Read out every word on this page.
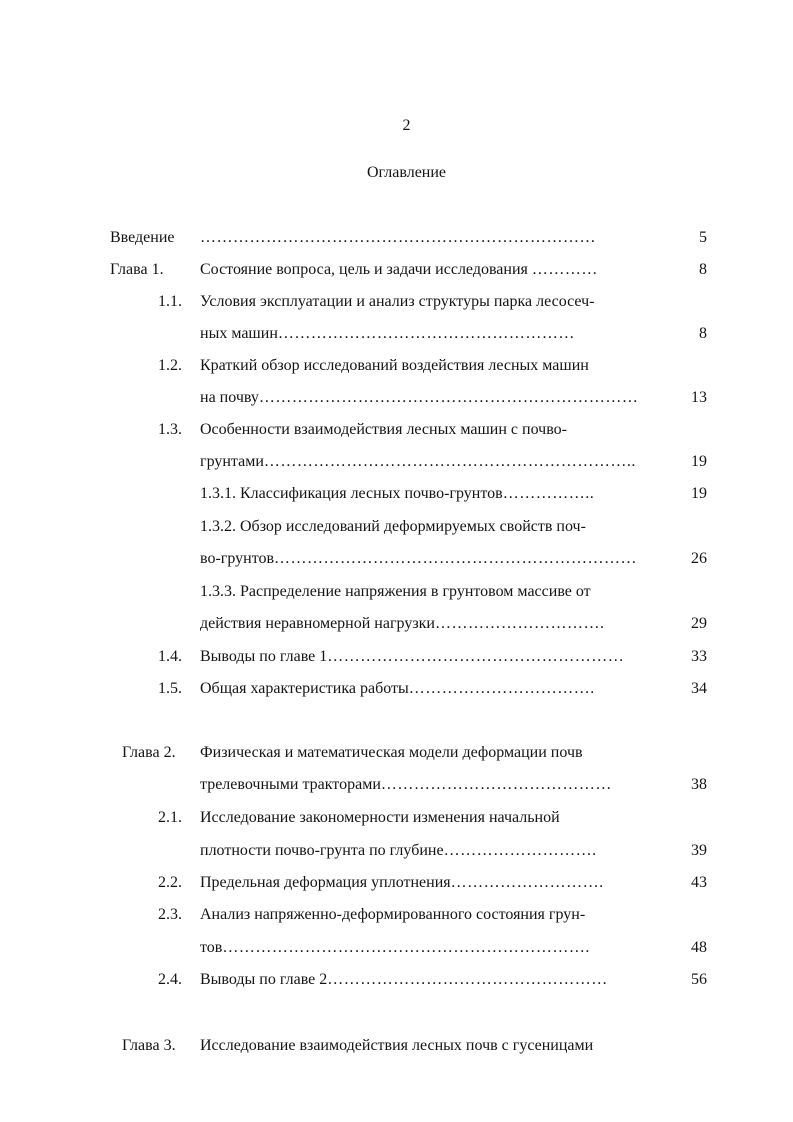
2
Оглавление
Введение ………………………………………………………………	5
Глава 1. Состояние вопроса, цель и задачи исследования …………	8
1.1. Условия эксплуатации и анализ структуры парка лесосеч-
ных машин………………………………………………	8
1.2. Краткий обзор исследований воздействия лесных машин
на почву……………………………………………………………	13
1.3. Особенности взаимодействия лесных машин с почво-
грунтами…………………………………………………………..	19
1.3.1. Классификация лесных почво-грунтов……………..	19
1.3.2. Обзор исследований деформируемых свойств поч-
во-грунтов…………………………………………………………	26
1.3.3. Распределение напряжения в грунтовом массиве от
действия неравномерной нагрузки………………………….	29
1.4. Выводы по главе 1………………………………………………	33
1.5. Общая характеристика работы…………………………….	34
Глава 2. Физическая и математическая модели деформации почв
трелевочными тракторами……………………………………	38
2.1. Исследование закономерности изменения начальной
плотности почво-грунта по глубине……………………….	39
2.2. Предельная деформация уплотнения……………………….	43
2.3. Анализ напряженно-деформированного состояния грун-
тов………………………………………………………….	48
2.4. Выводы по главе 2……………………………………………	56
Глава 3. Исследование взаимодействия лесных почв с гусеницами
